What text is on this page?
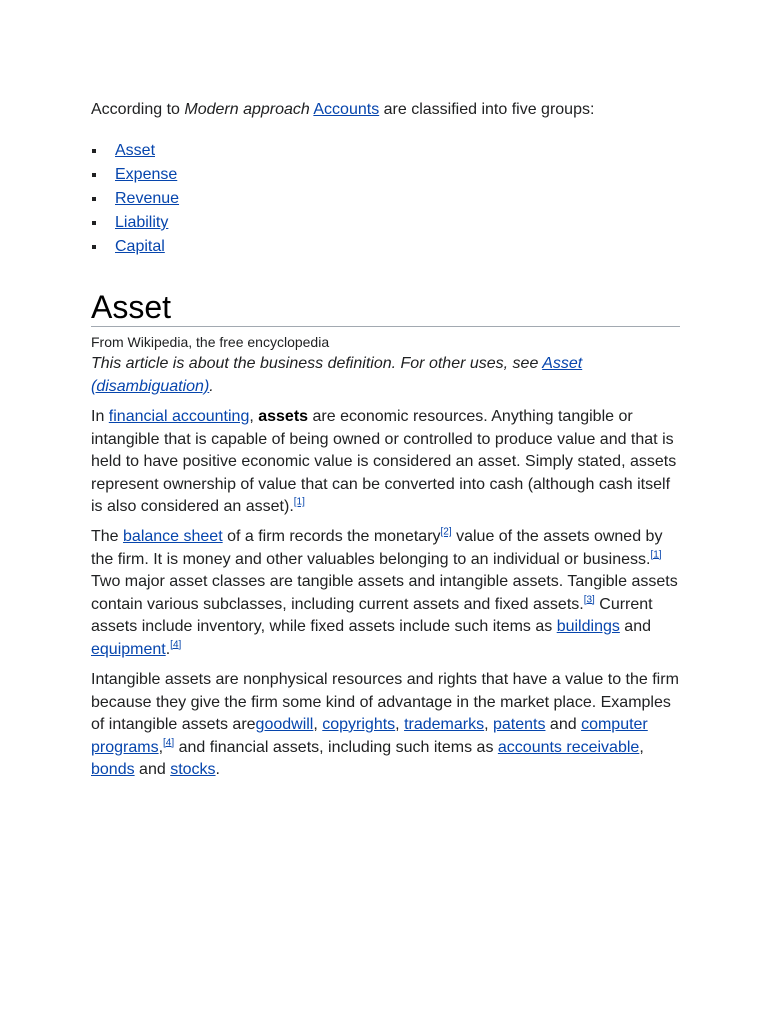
According to Modern approach Accounts are classified into five groups:

Asset
Expense
Revenue
Liability
Capital
Asset

From Wikipedia, the free encyclopedia

This article is about the business definition. For other uses, see Asset (disambiguation).

In financial accounting, assets are economic resources. Anything tangible or intangible that is capable of being owned or controlled to produce value and that is held to have positive economic value is considered an asset. Simply stated, assets represent ownership of value that can be converted into cash (although cash itself is also considered an asset).[1]

The balance sheet of a firm records the monetary[2] value of the assets owned by the firm. It is money and other valuables belonging to an individual or business.[1] Two major asset classes are tangible assets and intangible assets. Tangible assets contain various subclasses, including current assets and fixed assets.[3] Current assets include inventory, while fixed assets include such items as buildings and equipment.[4]

Intangible assets are nonphysical resources and rights that have a value to the firm because they give the firm some kind of advantage in the market place. Examples of intangible assets aregoodwill, copyrights, trademarks, patents and computer programs,[4] and financial assets, including such items as accounts receivable, bonds and stocks.
